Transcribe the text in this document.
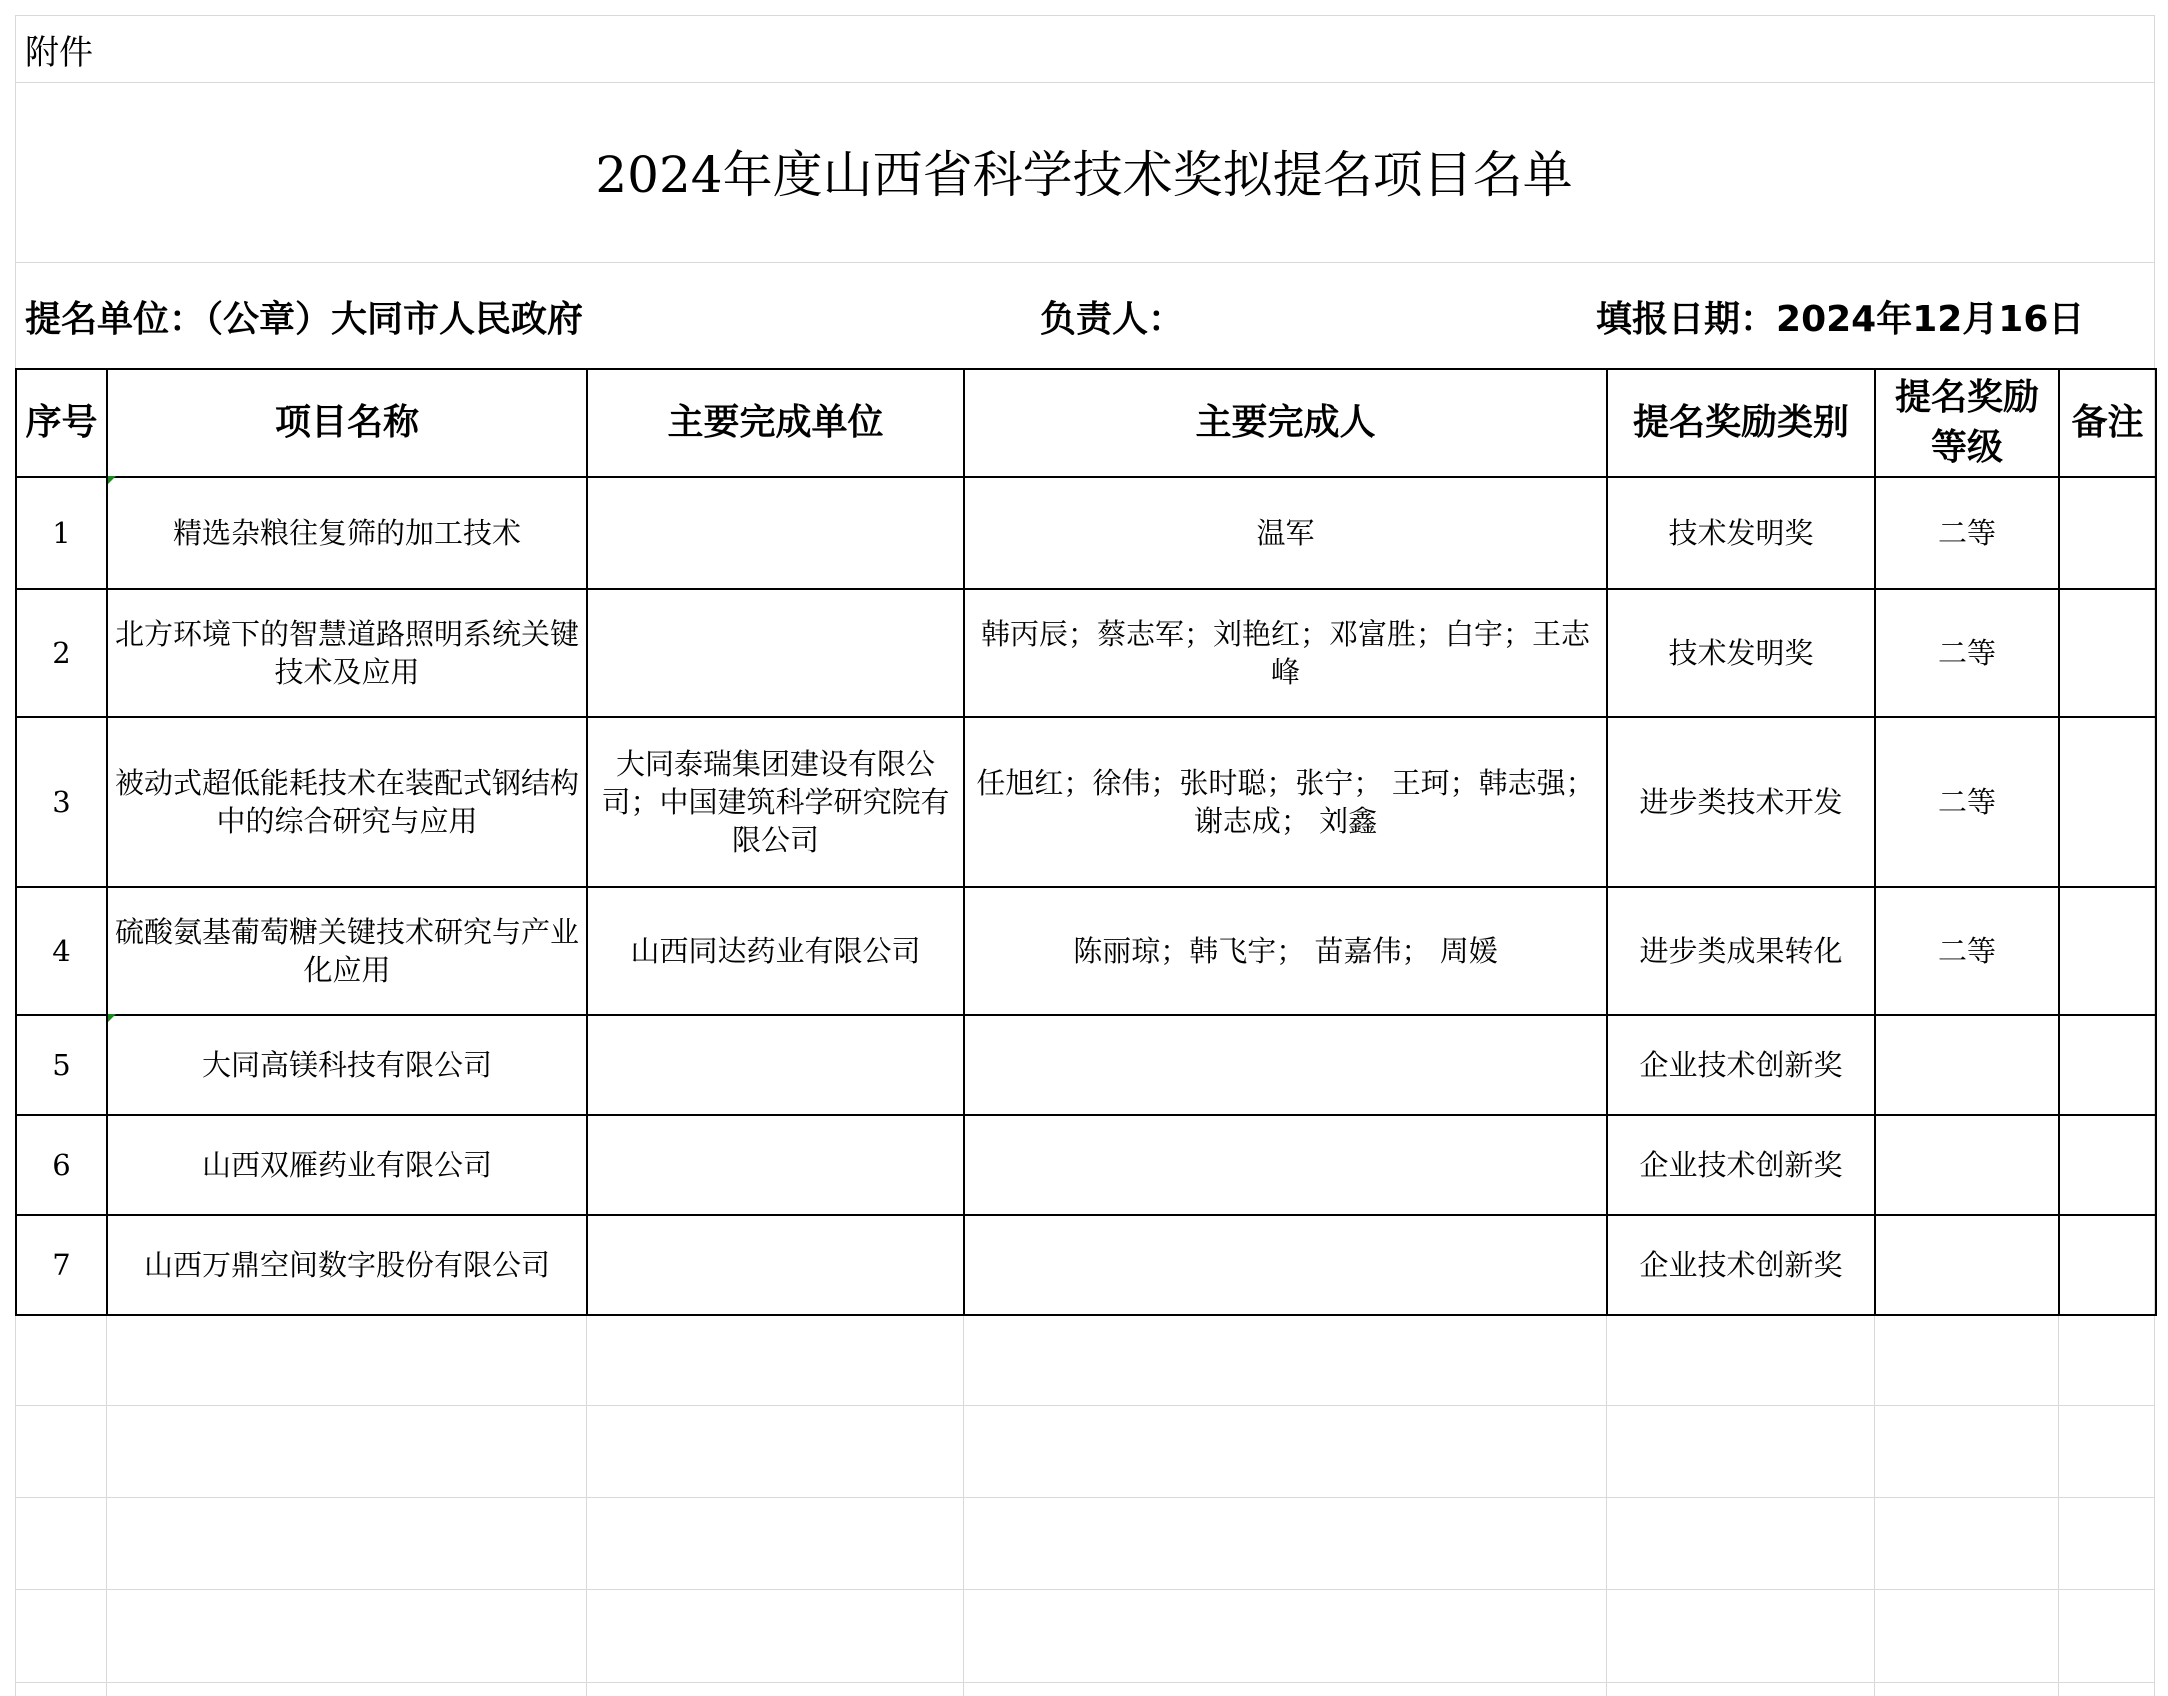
附件
2024年度山西省科学技术奖拟提名项目名单
提名单位：（公章）大同市人民政府	负责人：	填报日期：2024年12月16日
序号	项目名称	主要完成单位	主要完成人	提名奖励类别	提名奖励等级	备注
1	精选杂粮往复筛的加工技术		温军	技术发明奖	二等	
2	北方环境下的智慧道路照明系统关键技术及应用		韩丙辰；蔡志军；刘艳红；邓富胜；白宇；王志峰	技术发明奖	二等	
3	被动式超低能耗技术在装配式钢结构中的综合研究与应用	大同泰瑞集团建设有限公司；中国建筑科学研究院有限公司	任旭红；徐伟；张时聪；张宁； 王珂；韩志强；谢志成； 刘鑫	进步类技术开发	二等	
4	硫酸氨基葡萄糖关键技术研究与产业化应用	山西同达药业有限公司	陈丽琼；韩飞宇； 苗嘉伟； 周媛	进步类成果转化	二等	
5	大同高镁科技有限公司			企业技术创新奖		
6	山西双雁药业有限公司			企业技术创新奖		
7	山西万鼎空间数字股份有限公司			企业技术创新奖		
